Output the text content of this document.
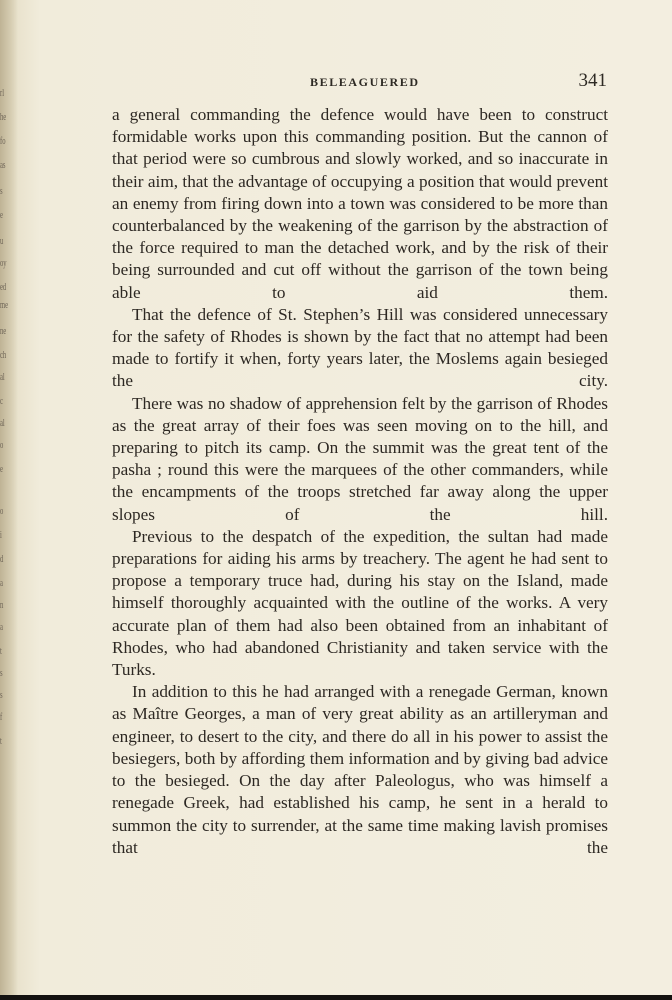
rl
he
fo
as
s
e
u
oy
ed
me
ne
ch
al
c
al
o
e
o
i
d
a
n
a
t
s
s
f
t
BELEAGUERED	341

a general commanding the defence would have been to construct formidable works upon this commanding position. But the cannon of that period were so cumbrous and slowly worked, and so inaccurate in their aim, that the advantage of occupying a position that would prevent an enemy from firing down into a town was considered to be more than counterbalanced by the weakening of the garrison by the abstraction of the force required to man the detached work, and by the risk of their being surrounded and cut off without the garrison of the town being able to aid them.

That the defence of St. Stephen’s Hill was considered unnecessary for the safety of Rhodes is shown by the fact that no attempt had been made to fortify it when, forty years later, the Moslems again besieged the city.

There was no shadow of apprehension felt by the garrison of Rhodes as the great array of their foes was seen moving on to the hill, and preparing to pitch its camp. On the summit was the great tent of the pasha ; round this were the marquees of the other commanders, while the encampments of the troops stretched far away along the upper slopes of the hill.

Previous to the despatch of the expedition, the sultan had made preparations for aiding his arms by treachery. The agent he had sent to propose a temporary truce had, during his stay on the Island, made himself thoroughly acquainted with the outline of the works. A very accurate plan of them had also been obtained from an inhabitant of Rhodes, who had abandoned Christianity and taken service with the Turks.

In addition to this he had arranged with a renegade German, known as Maître Georges, a man of very great ability as an artilleryman and engineer, to desert to the city, and there do all in his power to assist the besiegers, both by affording them information and by giving bad advice to the besieged. On the day after Paleologus, who was himself a renegade Greek, had established his camp, he sent in a herald to summon the city to surrender, at the same time making lavish promises that the
